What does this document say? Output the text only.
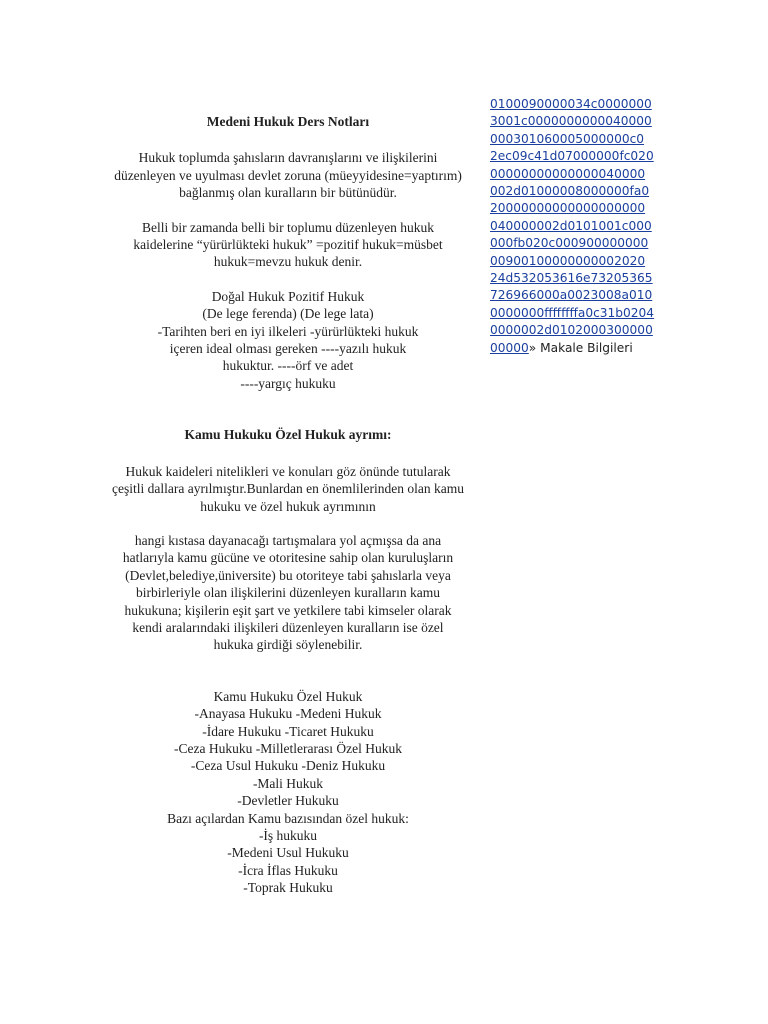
Medeni Hukuk Ders Notları

Hukuk toplumda şahısların davranışlarını ve ilişkilerini

düzenleyen ve uyulması devlet zoruna (müeyyidesine=yaptırım)

bağlanmış olan kuralların bir bütünüdür.

Belli bir zamanda belli bir toplumu düzenleyen hukuk

kaidelerine “yürürlükteki hukuk” =pozitif hukuk=müsbet

hukuk=mevzu hukuk denir.

Doğal Hukuk Pozitif Hukuk

(De lege ferenda) (De lege lata)

-Tarihten beri en iyi ilkeleri -yürürlükteki hukuk

içeren ideal olması gereken ----yazılı hukuk

hukuktur. ----örf ve adet

----yargıç hukuku

Kamu Hukuku Özel Hukuk ayrımı:

Hukuk kaideleri nitelikleri ve konuları göz önünde tutularak

çeşitli dallara ayrılmıştır.Bunlardan en önemlilerinden olan kamu

hukuku ve özel hukuk ayrımının

hangi kıstasa dayanacağı tartışmalara yol açmışsa da ana

hatlarıyla kamu gücüne ve otoritesine sahip olan kuruluşların

(Devlet,belediye,üniversite) bu otoriteye tabi şahıslarla veya

birbirleriyle olan ilişkilerini düzenleyen kuralların kamu

hukukuna; kişilerin eşit şart ve yetkilere tabi kimseler olarak

kendi aralarındaki ilişkileri düzenleyen kuralların ise özel

hukuka girdiği söylenebilir.

Kamu Hukuku Özel Hukuk

-Anayasa Hukuku -Medeni Hukuk

-İdare Hukuku -Ticaret Hukuku

-Ceza Hukuku -Milletlerarası Özel Hukuk

-Ceza Usul Hukuku -Deniz Hukuku

-Mali Hukuk

-Devletler Hukuku

Bazı açılardan Kamu bazısından özel hukuk:

-İş hukuku

-Medeni Usul Hukuku

-İcra İflas Hukuku

-Toprak Hukuku

0100090000034c0000000
3001c0000000000040000
000301060005000000c0
2ec09c41d07000000fc020
00000000000000040000
002d01000008000000fa0
20000000000000000000
040000002d0101001c000
000fb020c000900000000
00900100000000002020
24d532053616e73205365
726966000a0023008a010
0000000ffffffffa0c31b0204
0000002d0102000300000
00000» Makale Bilgileri
